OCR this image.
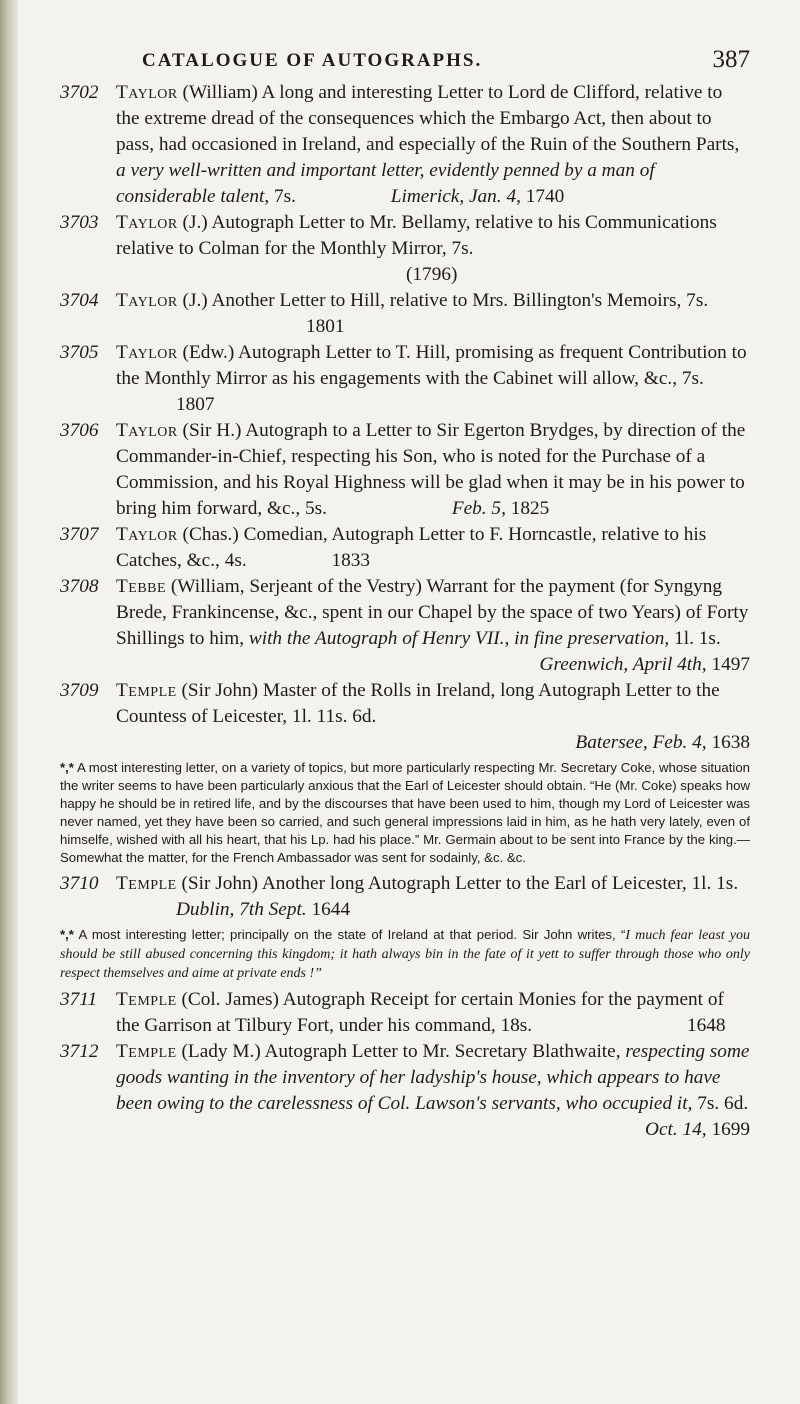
CATALOGUE OF AUTOGRAPHS.	387

3702 Taylor (William) A long and interesting Letter to Lord de Clifford, relative to the extreme dread of the consequences which the Embargo Act, then about to pass, had occasioned in Ireland, and especially of the Ruin of the Southern Parts, a very well-written and important letter, evidently penned by a man of considerable talent, 7s.	Limerick, Jan. 4, 1740

3703 Taylor (J.) Autograph Letter to Mr. Bellamy, relative to his Communications relative to Colman for the Monthly Mirror, 7s. (1796)

3704 Taylor (J.) Another Letter to Hill, relative to Mrs. Billington's Memoirs, 7s. 1801

3705 Taylor (Edw.) Autograph Letter to T. Hill, promising as frequent Contribution to the Monthly Mirror as his engagements with the Cabinet will allow, &c., 7s. 1807

3706 Taylor (Sir H.) Autograph to a Letter to Sir Egerton Brydges, by direction of the Commander-in-Chief, respecting his Son, who is noted for the Purchase of a Commission, and his Royal Highness will be glad when it may be in his power to bring him forward, &c., 5s.	Feb. 5, 1825

3707 Taylor (Chas.) Comedian, Autograph Letter to F. Horncastle, relative to his Catches, &c., 4s.	1833

3708 Tebbe (William, Serjeant of the Vestry) Warrant for the payment (for Syngyng Brede, Frankincense, &c., spent in our Chapel by the space of two Years) of Forty Shillings to him, with the Autograph of Henry VII., in fine preservation, 1l. 1s.
Greenwich, April 4th, 1497

3709 Temple (Sir John) Master of the Rolls in Ireland, long Autograph Letter to the Countess of Leicester, 1l. 11s. 6d.
Batersee, Feb. 4, 1638

*,* A most interesting letter, on a variety of topics, but more particularly respecting Mr. Secretary Coke, whose situation the writer seems to have been particularly anxious that the Earl of Leicester should obtain. “He (Mr. Coke) speaks how happy he should be in retired life, and by the discourses that have been used to him, though my Lord of Leicester was never named, yet they have been so carried, and such general impressions laid in him, as he hath very lately, even of himselfe, wished with all his heart, that his Lp. had his place.” Mr. Germain about to be sent into France by the king.—Somewhat the matter, for the French Ambassador was sent for sodainly, &c. &c.

3710 Temple (Sir John) Another long Autograph Letter to the Earl of Leicester, 1l. 1s. Dublin, 7th Sept. 1644

*,* A most interesting letter; principally on the state of Ireland at that period. Sir John writes, “I much fear least you should be still abused concerning this kingdom; it hath always bin in the fate of it yett to suffer through those who only respect themselves and aime at private ends !”

3711 Temple (Col. James) Autograph Receipt for certain Monies for the payment of the Garrison at Tilbury Fort, under his command, 18s.	1648

3712 Temple (Lady M.) Autograph Letter to Mr. Secretary Blathwaite, respecting some goods wanting in the inventory of her ladyship's house, which appears to have been owing to the carelessness of Col. Lawson's servants, who occupied it, 7s. 6d.
Oct. 14, 1699
